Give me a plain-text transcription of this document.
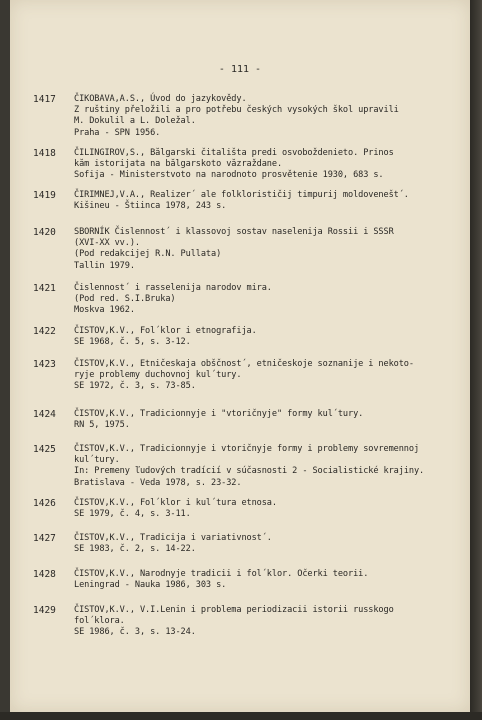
- 111 -
1417 ČIKOBAVA,A.S., Úvod do jazykovědy.
Z ruštiny přeložili a pro potřebu českých vysokých škol upravili
M. Dokulil a L. Doležal.
Praha - SPN 1956.
1418 ČILINGIROV,S., Bălgarski čitališta predi osvoboždenieto. Prinos
kăm istorijata na bălgarskoto văzraždane.
Sofija - Ministerstvoto na narodnoto prosvětenie 1930, 683 s.
1419 ČIRIMNEJ,V.A., Realizer´ ale folklorističij timpurij moldovenešt´.
Kišineu - Štiinca 1978, 243 s.
1420 SBORNÍK Čislennost´ i klassovoj sostav naselenija Rossii i SSSR
(XVI-XX vv.).
(Pod redakcijej R.N. Pullata)
Tallin 1979.
1421 Čislennost´ i rasselenija narodov mira.
(Pod red. S.I.Bruka)
Moskva 1962.
1422 ČISTOV,K.V., Fol´klor i etnografija.
SE 1968, č. 5, s. 3-12.
1423 ČISTOV,K.V., Etničeskaja obščnost´, etničeskoje soznanije i nekoto-
ryje problemy duchovnoj kul´tury.
SE 1972, č. 3, s. 73-85.
1424 ČISTOV,K.V., Tradicionnyje i "vtoričnyje" formy kul´tury.
RN 5, 1975.
1425 ČISTOV,K.V., Tradicionnyje i vtoričnyje formy i problemy sovremennoj
kul´tury.
In: Premeny ľudových tradícií v súčasnosti 2 - Socialistické krajiny.
Bratislava - Veda 1978, s. 23-32.
1426 ČISTOV,K.V., Fol´klor i kul´tura etnosa.
SE 1979, č. 4, s. 3-11.
1427 ČISTOV,K.V., Tradicija i variativnost´.
SE 1983, č. 2, s. 14-22.
1428 ČISTOV,K.V., Narodnyje tradicii i fol´klor. Očerki teorii.
Leningrad - Nauka 1986, 303 s.
1429 ČISTOV,K.V., V.I.Lenin i problema periodizacii istorii russkogo
fol´klora.
SE 1986, č. 3, s. 13-24.
